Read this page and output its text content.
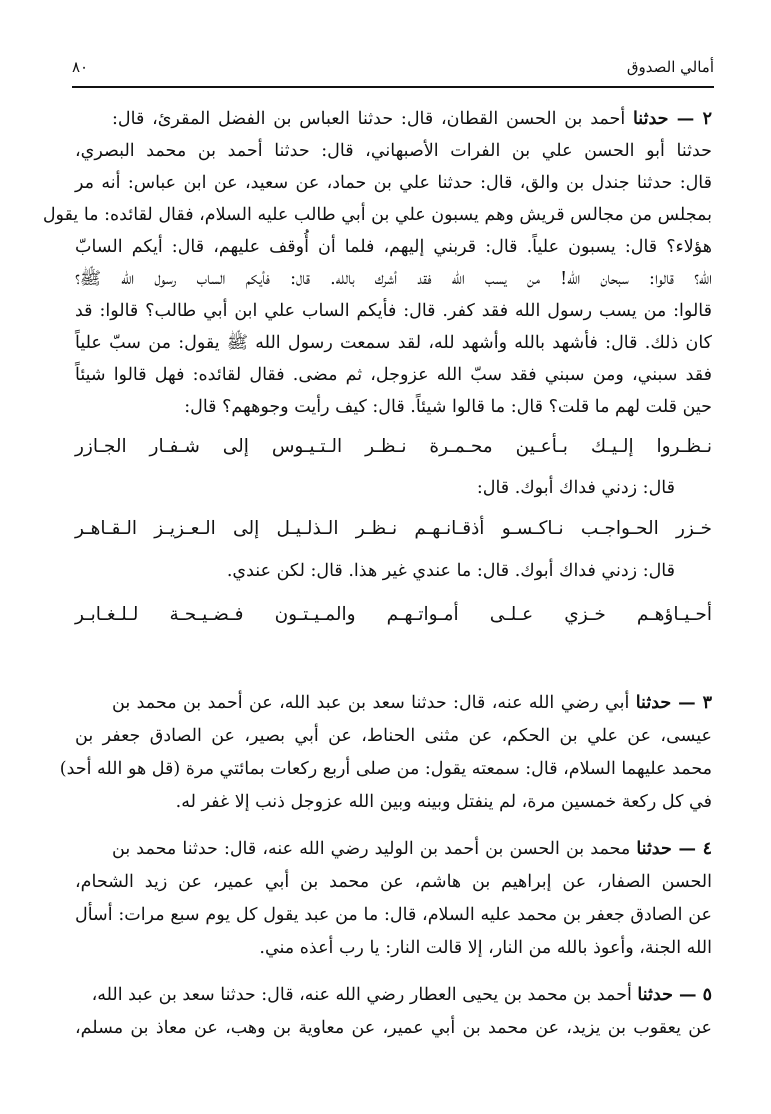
أمالي الصدوق
٨٠
٢ — حدثنا أحمد بن الحسن القطان، قال: حدثنا العباس بن الفضل المقرئ، قال:
حدثنا أبو الحسن علي بن الفرات الأصبهاني، قال: حدثنا أحمد بن محمد البصري،
قال: حدثنا جندل بن والق، قال: حدثنا علي بن حماد، عن سعيد، عن ابن عباس: أنه مر
بمجلس من مجالس قريش وهم يسبون علي بن أبي طالب عليه السلام، فقال لقائده: ما يقول
هؤلاء؟ قال: يسبون علياً. قال: قربني إليهم، فلما أن أُوقف عليهم، قال: أيكم السابّ
الله؟ قالوا: سبحان الله! من يسب الله فقد أشرك بالله. قال: فأيكم الساب رسول الله ﷺ؟
قالوا: من يسب رسول الله فقد كفر. قال: فأيكم الساب علي ابن أبي طالب؟ قالوا: قد
كان ذلك. قال: فأشهد بالله وأشهد لله، لقد سمعت رسول الله ﷺ يقول: من سبّ علياً
فقد سبني، ومن سبني فقد سبّ الله عزوجل، ثم مضى. فقال لقائده: فهل قالوا شيئاً
حين قلت لهم ما قلت؟ قال: ما قالوا شيئاً. قال: كيف رأيت وجوههم؟ قال:
نـظـروا إلـيـك بـأعـين محـمـرة نـظـر الـتـيـوس إلى شـفـار الجـازر
قال: زدني فداك أبوك. قال:
خـزر الحـواجـب نـاكـسـو أذقـانـهـم نـظـر الـذلـيـل إلى الـعـزيـز الـقـاهـر
قال: زدني فداك أبوك. قال: ما عندي غير هذا. قال: لكن عندي.
أحـيـاؤهـم خـزي عـلـى أمـواتـهـم والمـيـتـون فـضـيـحـة لـلـغـابـر
٣ — حدثنا أبي رضي الله عنه، قال: حدثنا سعد بن عبد الله، عن أحمد بن محمد بن
عيسى، عن علي بن الحكم، عن مثنى الحناط، عن أبي بصير، عن الصادق جعفر بن
محمد عليهما السلام، قال: سمعته يقول: من صلى أربع ركعات بمائتي مرة (قل هو الله أحد)
في كل ركعة خمسين مرة، لم ينفتل وبينه وبين الله عزوجل ذنب إلا غفر له.
٤ — حدثنا محمد بن الحسن بن أحمد بن الوليد رضي الله عنه، قال: حدثنا محمد بن
الحسن الصفار، عن إبراهيم بن هاشم، عن محمد بن أبي عمير، عن زيد الشحام،
عن الصادق جعفر بن محمد عليه السلام، قال: ما من عبد يقول كل يوم سبع مرات: أسأل
الله الجنة، وأعوذ بالله من النار، إلا قالت النار: يا رب أعذه مني.
٥ — حدثنا أحمد بن محمد بن يحيى العطار رضي الله عنه، قال: حدثنا سعد بن عبد الله،
عن يعقوب بن يزيد، عن محمد بن أبي عمير، عن معاوية بن وهب، عن معاذ بن مسلم،
